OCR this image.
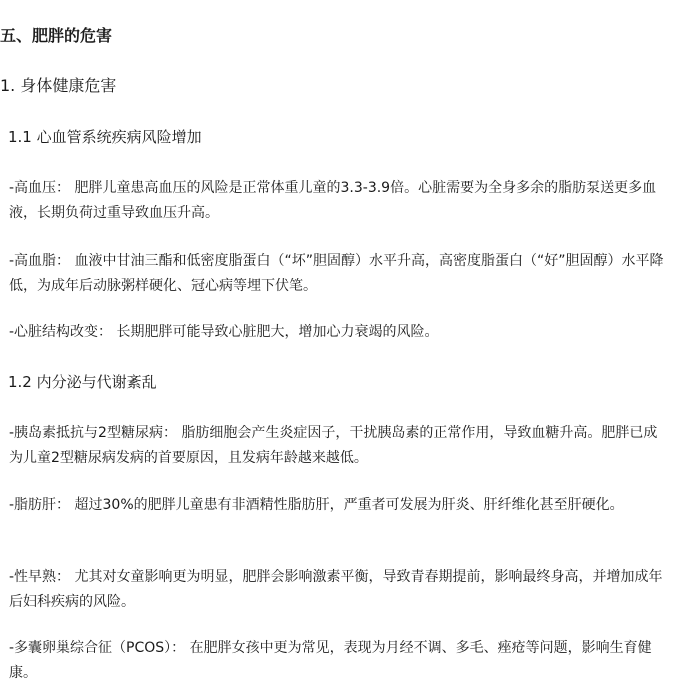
五、肥胖的危害
1. 身体健康危害
1.1 心血管系统疾病风险增加

-高血压： 肥胖儿童患高血压的风险是正常体重儿童的3.3-3.9倍。心脏需要为全身多余的脂肪泵送更多血液，长期负荷过重导致血压升高。

-高血脂： 血液中甘油三酯和低密度脂蛋白（“坏”胆固醇）水平升高，高密度脂蛋白（“好”胆固醇）水平降低，为成年后动脉粥样硬化、冠心病等埋下伏笔。

-心脏结构改变： 长期肥胖可能导致心脏肥大，增加心力衰竭的风险。

1.2 内分泌与代谢紊乱

-胰岛素抵抗与2型糖尿病： 脂肪细胞会产生炎症因子，干扰胰岛素的正常作用，导致血糖升高。肥胖已成为儿童2型糖尿病发病的首要原因，且发病年龄越来越低。

-脂肪肝： 超过30%的肥胖儿童患有非酒精性脂肪肝，严重者可发展为肝炎、肝纤维化甚至肝硬化。

-性早熟： 尤其对女童影响更为明显，肥胖会影响激素平衡，导致青春期提前，影响最终身高，并增加成年后妇科疾病的风险。

-多囊卵巢综合征（PCOS）： 在肥胖女孩中更为常见，表现为月经不调、多毛、痤疮等问题，影响生育健康。
